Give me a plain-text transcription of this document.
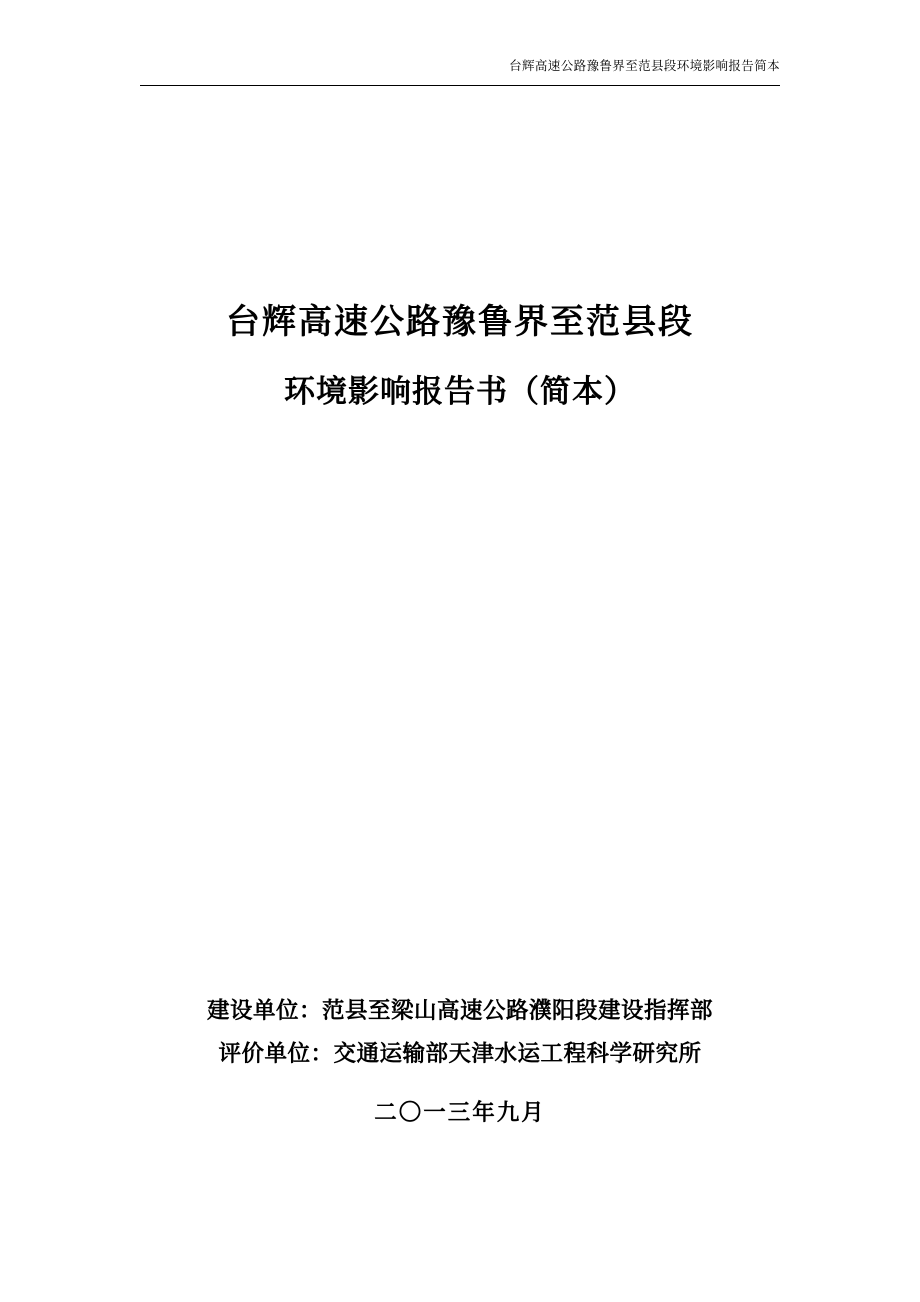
台辉高速公路豫鲁界至范县段环境影响报告简本
台辉高速公路豫鲁界至范县段
环境影响报告书（简本）
建设单位：范县至梁山高速公路濮阳段建设指挥部
评价单位：交通运输部天津水运工程科学研究所
二〇一三年九月
